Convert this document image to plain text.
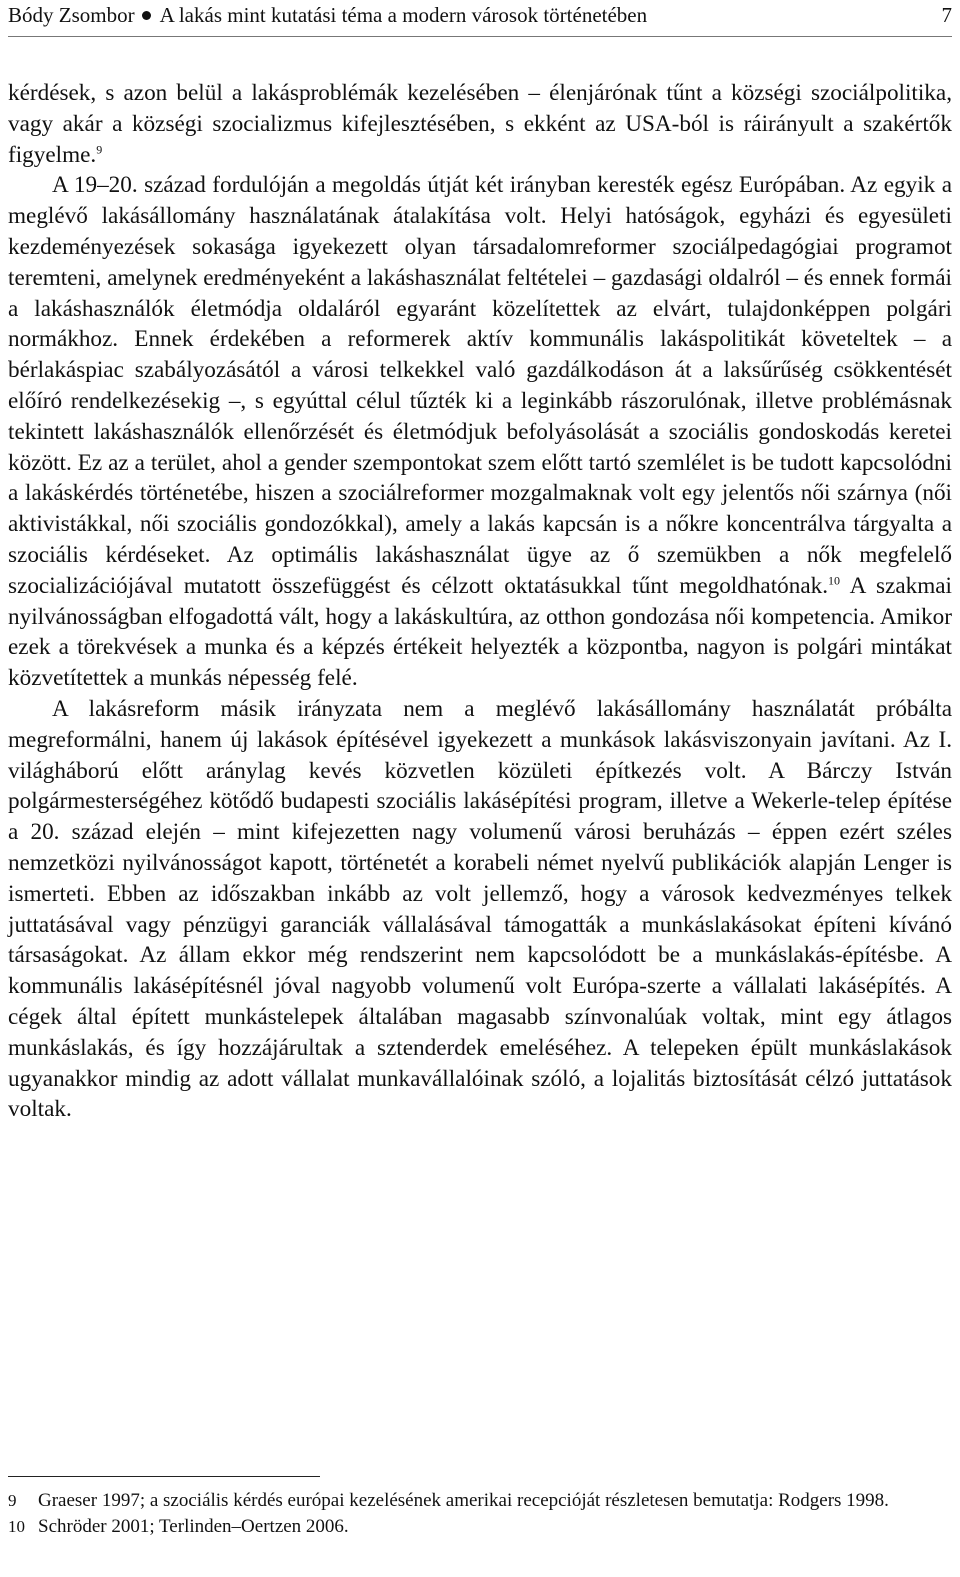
Bódy Zsombor A lakás mint kutatási téma a modern városok történetében	7

kérdések, s azon belül a lakásproblémák kezelésében – élenjárónak tűnt a községi szociálpolitika, vagy akár a községi szocializmus kifejlesztésében, s ekként az USA-ból is ráirányult a szakértők figyelme.$^9$

A 19–20. század fordulóján a megoldás útját két irányban keresték egész Európában. Az egyik a meglévő lakásállomány használatának átalakítása volt. Helyi hatóságok, egyházi és egyesületi kezdeményezések sokasága igyekezett olyan társadalomreformer szociálpedagógiai programot teremteni, amelynek eredményeként a lakáshasználat feltételei – gazdasági oldalról – és ennek formái a lakáshasználók életmódja oldaláról egyaránt közelítettek az elvárt, tulajdonképpen polgári normákhoz. Ennek érdekében a reformerek aktív kommunális lakáspolitikát követeltek – a bérlakáspiac szabályozásától a városi telkekkel való gazdálkodáson át a laksűrűség csökkentését előíró rendelkezésekig –, s egyúttal célul tűzték ki a leginkább rászorulónak, illetve problémásnak tekintett lakáshasználók ellenőrzését és életmódjuk befolyásolását a szociális gondoskodás keretei között. Ez az a terület, ahol a gender szempontokat szem előtt tartó szemlélet is be tudott kapcsolódni a lakáskérdés történetébe, hiszen a szociálreformer mozgalmaknak volt egy jelentős női szárnya (női aktivistákkal, női szociális gondozókkal), amely a lakás kapcsán is a nőkre koncentrálva tárgyalta a szociális kérdéseket. Az optimális lakáshasználat ügye az ő szemükben a nők megfelelő szocializációjával mutatott összefüggést és célzott oktatásukkal tűnt megoldhatónak.$^{10}$ A szakmai nyilvánosságban elfogadottá vált, hogy a lakáskultúra, az otthon gondozása női kompetencia. Amikor ezek a törekvések a munka és a képzés értékeit helyezték a központba, nagyon is polgári mintákat közvetítettek a munkás népesség felé.

A lakásreform másik irányzata nem a meglévő lakásállomány használatát próbálta megreformálni, hanem új lakások építésével igyekezett a munkások lakásviszonyain javítani. Az I. világháború előtt aránylag kevés közvetlen közületi építkezés volt. A Bárczy István polgármesterségéhez kötődő budapesti szociális lakásépítési program, illetve a Wekerle-telep építése a 20. század elején – mint kifejezetten nagy volumenű városi beruházás – éppen ezért széles nemzetközi nyilvánosságot kapott, történetét a korabeli német nyelvű publikációk alapján Lenger is ismerteti. Ebben az időszakban inkább az volt jellemző, hogy a városok kedvezményes telkek juttatásával vagy pénzügyi garanciák vállalásával támogatták a munkáslakásokat építeni kívánó társaságokat. Az állam ekkor még rendszerint nem kapcsolódott be a munkáslakás-építésbe. A kommunális lakásépítésnél jóval nagyobb volumenű volt Európa-szerte a vállalati lakásépítés. A cégek által épített munkástelepek általában magasabb színvonalúak voltak, mint egy átlagos munkáslakás, és így hozzájárultak a sztenderdek emeléséhez. A telepeken épült munkáslakások ugyanakkor mindig az adott vállalat munkavállalóinak szóló, a lojalitás biztosítását célzó juttatások voltak.

9	Graeser 1997; a szociális kérdés európai kezelésének amerikai recepcióját részletesen bemutatja: Rodgers 1998.
10 Schröder 2001; Terlinden–Oertzen 2006.
